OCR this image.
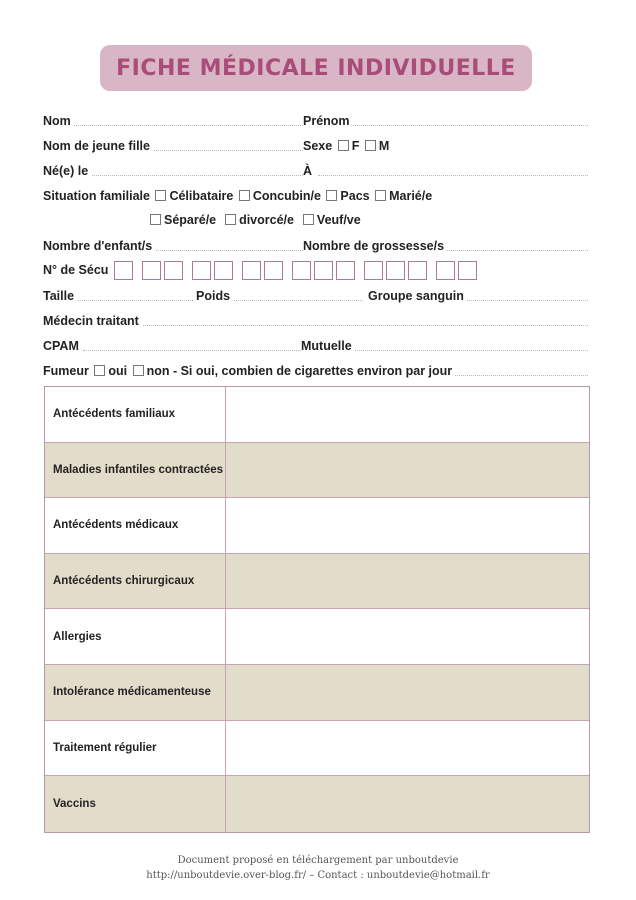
FICHE MÉDICALE INDIVIDUELLE
Nom	Prénom
Nom de jeune fille	Sexe F M
Né(e) le	À
Situation familiale Célibataire Concubin/e Pacs Marié/e
Séparé/e divorcé/e Veuf/ve
Nombre d'enfant/s	Nombre de grossesse/s
N° de Sécu
Taille	Poids	Groupe sanguin
Médecin traitant
CPAM	Mutuelle
Fumeur oui non - Si oui, combien de cigarettes environ par jour
Antécédents familiaux
Maladies infantiles contractées
Antécédents médicaux
Antécédents chirurgicaux
Allergies
Intolérance médicamenteuse
Traitement régulier
Vaccins
Document proposé en téléchargement par unboutdevie
http://unboutdevie.over-blog.fr/ – Contact : unboutdevie@hotmail.fr
